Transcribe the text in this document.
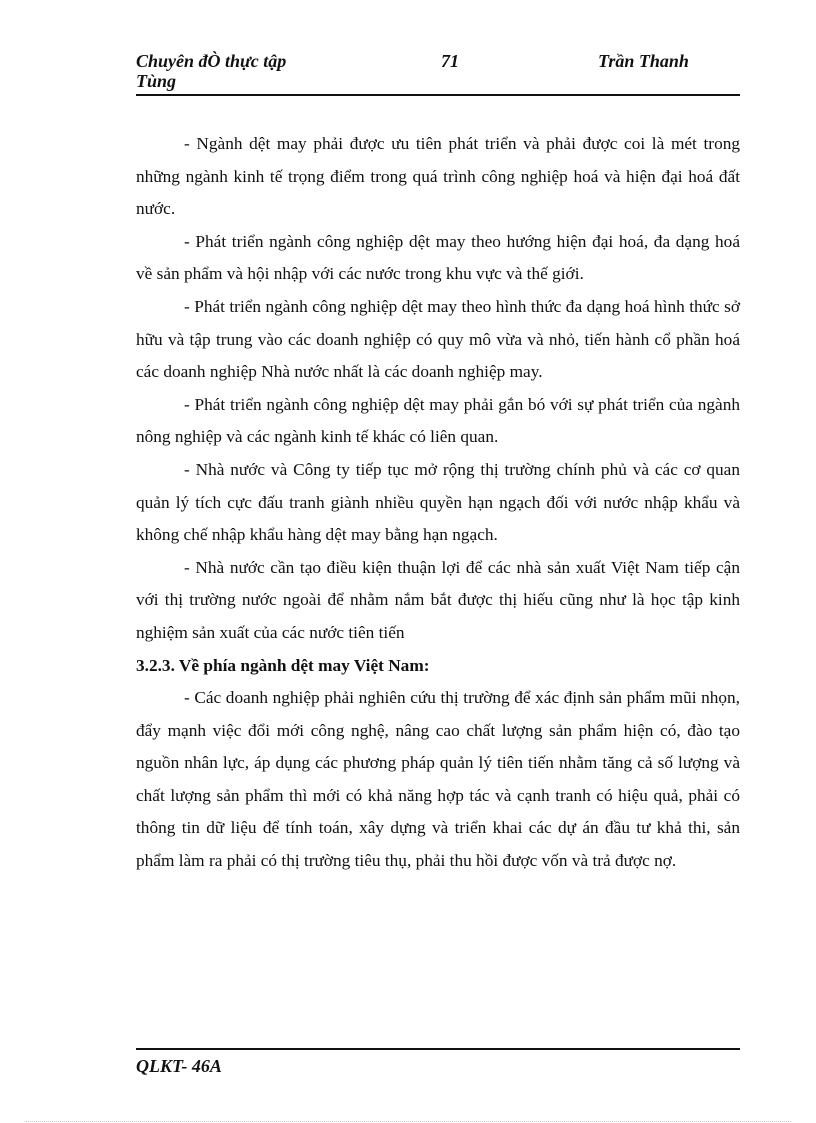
Chuyên đÒ thực tập	71	Trần Thanh
Tùng

- Ngành dệt may phải được ưu tiên phát triển và phải được coi là mét trong những ngành kinh tế trọng điểm trong quá trình công nghiệp hoá và hiện đại hoá đất nước.

- Phát triển ngành công nghiệp dệt may theo hướng hiện đại hoá, đa dạng hoá về sản phẩm và hội nhập với các nước trong khu vực và thế giới.

- Phát triển ngành công nghiệp dệt may theo hình thức đa dạng hoá hình thức sở hữu và tập trung vào các doanh nghiệp có quy mô vừa và nhỏ, tiến hành cổ phần hoá các doanh nghiệp Nhà nước nhất là các doanh nghiệp may.

- Phát triển ngành công nghiệp dệt may phải gắn bó với sự phát triển của ngành nông nghiệp và các ngành kinh tế khác có liên quan.

- Nhà nước và Công ty tiếp tục mở rộng thị trường chính phủ và các cơ quan quản lý tích cực đấu tranh giành nhiều quyền hạn ngạch đối với nước nhập khẩu và không chế nhập khẩu hàng dệt may bằng hạn ngạch.

- Nhà nước cần tạo điều kiện thuận lợi để các nhà sản xuất Việt Nam tiếp cận với thị trường nước ngoài để nhằm nắm bắt được thị hiếu cũng như là học tập kinh nghiệm sản xuất của các nước tiên tiến

3.2.3. Về phía ngành dệt may Việt Nam:

- Các doanh nghiệp phải nghiên cứu thị trường để xác định sản phẩm mũi nhọn, đẩy mạnh việc đổi mới công nghệ, nâng cao chất lượng sản phẩm hiện có, đào tạo nguồn nhân lực, áp dụng các phương pháp quản lý tiên tiến nhằm tăng cả số lượng và chất lượng sản phẩm thì mới có khả năng hợp tác và cạnh tranh có hiệu quả, phải có thông tin dữ liệu để tính toán, xây dựng và triển khai các dự án đầu tư khả thi, sản phẩm làm ra phải có thị trường tiêu thụ, phải thu hồi được vốn và trả được nợ.

QLKT- 46A
